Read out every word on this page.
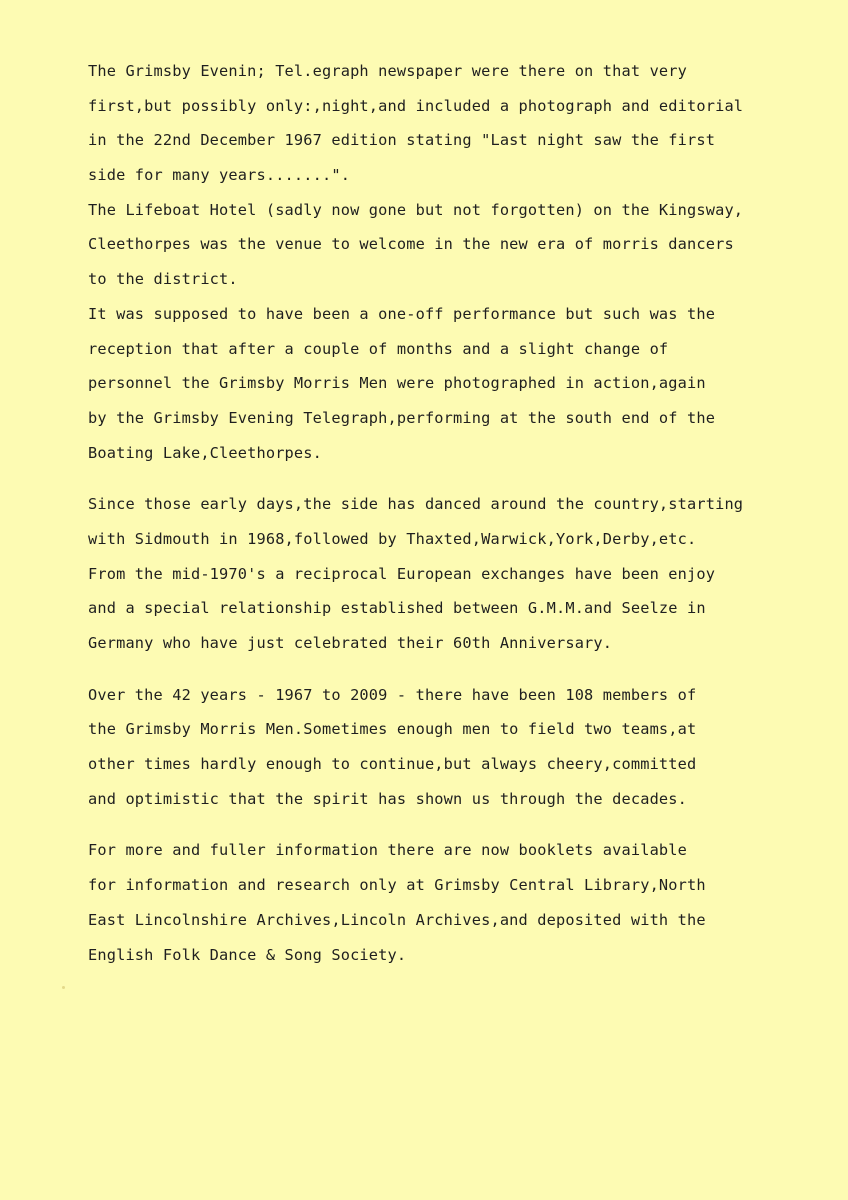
The Grimsby Evenin; Tel.egraph newspaper were there on that very
first,but possibly only:,night,and included a photograph and editorial
in the 22nd December 1967 edition stating "Last night saw the first
side for many years.......".
The Lifeboat Hotel (sadly now gone but not forgotten) on the Kingsway,
Cleethorpes was the venue to welcome in the new era of morris dancers
to the district.
It was supposed to have been a one-off performance but such was the
reception that after a couple of months and a slight change of
personnel the Grimsby Morris Men were photographed in action,again
by the Grimsby Evening Telegraph,performing at the south end of the
Boating Lake,Cleethorpes.
Since those early days,the side has danced around the country,starting
with Sidmouth in 1968,followed by Thaxted,Warwick,York,Derby,etc.
From the mid-1970's a reciprocal European exchanges have been enjoy
and a special relationship established between G.M.M.and Seelze in
Germany who have just celebrated their 60th Anniversary.
Over the 42 years - 1967 to 2009 - there have been 108 members of
the Grimsby Morris Men.Sometimes enough men to field two teams,at
other times hardly enough to continue,but always cheery,committed
and optimistic that the spirit has shown us through the decades.
For more and fuller information there are now booklets available
for information and research only at Grimsby Central Library,North
East Lincolnshire Archives,Lincoln Archives,and deposited with the
English Folk Dance & Song Society.
